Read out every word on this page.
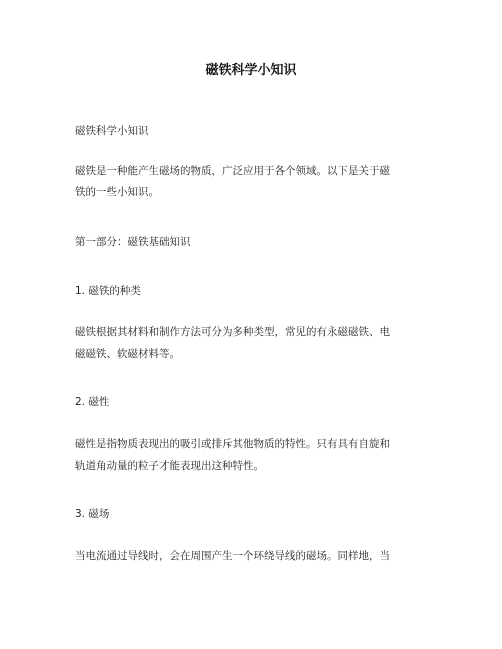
磁铁科学小知识
磁铁科学小知识
磁铁是一种能产生磁场的物质，广泛应用于各个领域。以下是关于磁
铁的一些小知识。
第一部分：磁铁基础知识
1. 磁铁的种类
磁铁根据其材料和制作方法可分为多种类型，常见的有永磁磁铁、电
磁磁铁、软磁材料等。
2. 磁性
磁性是指物质表现出的吸引或排斥其他物质的特性。只有具有自旋和
轨道角动量的粒子才能表现出这种特性。
3. 磁场
当电流通过导线时，会在周围产生一个环绕导线的磁场。同样地，当
